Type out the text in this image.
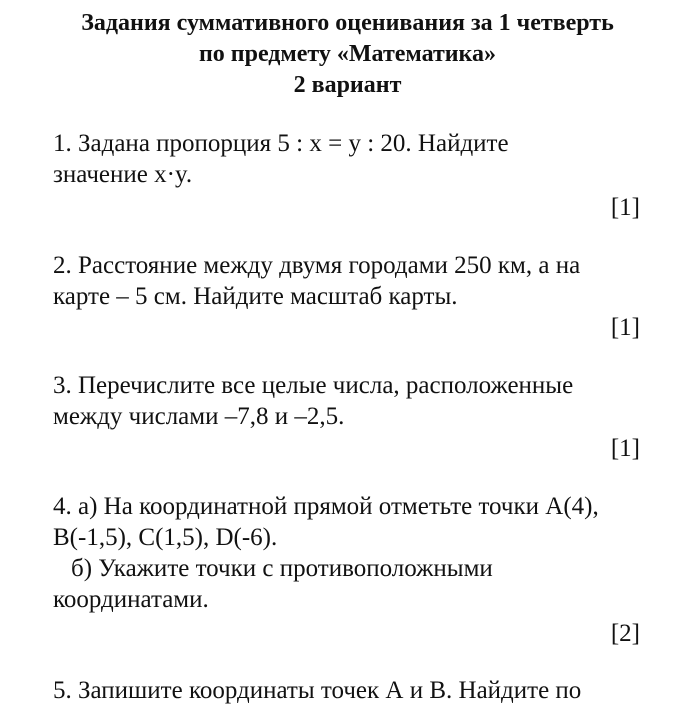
Задания суммативного оценивания за 1 четверть
по предмету «Математика»
2 вариант
1. Задана пропорция 5 : x = y : 20. Найдите
значение x·y.
[1]
2. Расстояние между двумя городами 250 км, а на
карте – 5 см. Найдите масштаб карты.
[1]
3. Перечислите все целые числа, расположенные
между числами –7,8 и –2,5.
[1]
4. а) На координатной прямой отметьте точки A(4),
B(-1,5), C(1,5), D(-6).
б) Укажите точки с противоположными
координатами.
[2]
5. Запишите координаты точек А и В. Найдите по
